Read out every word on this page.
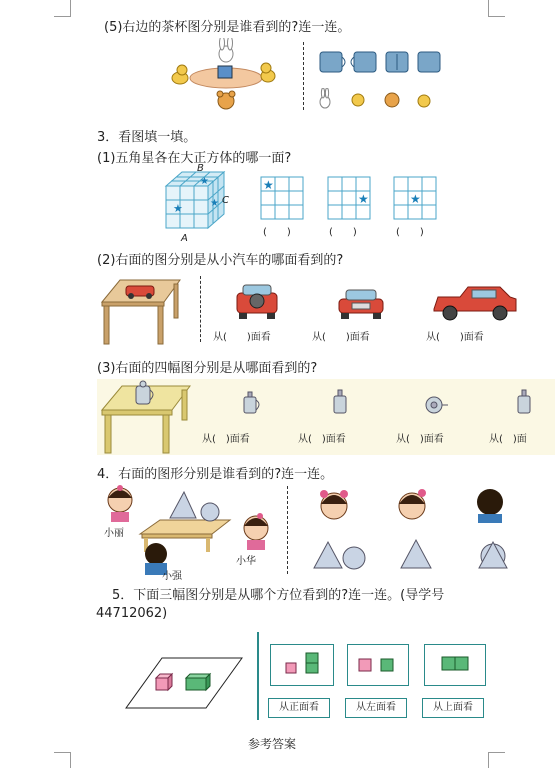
(5)右边的茶杯图分别是谁看到的?连一连。
3．看图填一填。
(1)五角星各在大正方体的哪一面?
★
★
★
B
C
A
★
★	★
(　　)	(　　)	(　　)
(2)右面的图分别是从小汽车的哪面看到的?
从(　　)面看	从(　　)面看	从(　　)面看
(3)右面的四幅图分别是从哪面看到的?
从(　)面看	从(　)面看	从(　)面看	从(　)面
4．右面的图形分别是谁看到的?连一连。
小丽
小强
小华
5．下面三幅图分别是从哪个方位看到的?连一连。(导学号
44712062)
从正面看	从左面看	从上面看
参考答案
